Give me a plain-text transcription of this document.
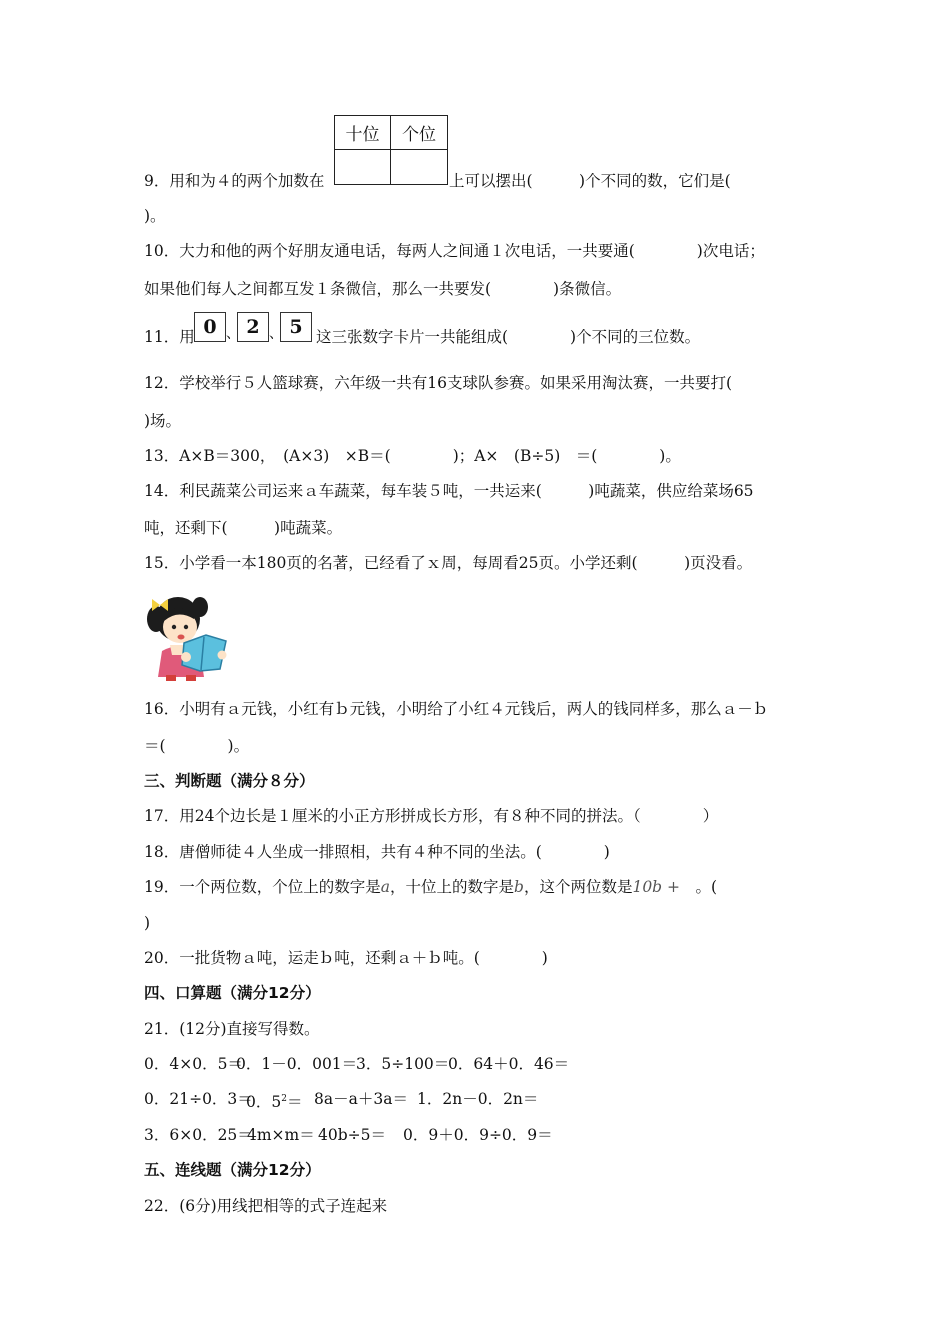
十位	个位
9．用和为４的两个加数在	上可以摆出(　　　)个不同的数，它们是(
)。
10．大力和他的两个好朋友通电话，每两人之间通１次电话，一共要通(　　　　)次电话；
如果他们每人之间都互发１条微信，那么一共要发(　　　　)条微信。
11．用 0 、 2 、 5 这三张数字卡片一共能组成(　　　　)个不同的三位数。
12．学校举行５人篮球赛，六年级一共有16支球队参赛。如果采用淘汰赛，一共要打(
)场。
13．A×B＝300，　(A×3)　×B＝(　　　　)；A×　(B÷5)　＝(　　　　)。
14．利民蔬菜公司运来ａ车蔬菜，每车装５吨，一共运来(　　　)吨蔬菜，供应给菜场65
吨，还剩下(　　　)吨蔬菜。
15．小学看一本180页的名著，已经看了ｘ周，每周看25页。小学还剩(　　　)页没看。
16．小明有ａ元钱，小红有ｂ元钱，小明给了小红４元钱后，两人的钱同样多，那么ａ－ｂ
＝(　　　　)。
三、判断题（满分８分）
17．用24个边长是１厘米的小正方形拼成长方形，有８种不同的拼法。（　　　　）
18．唐僧师徒４人坐成一排照相，共有４种不同的坐法。(　　　　)
19．一个两位数，个位上的数字是a，十位上的数字是b，这个两位数是10b +　。(
)
20．一批货物ａ吨，运走ｂ吨，还剩ａ＋ｂ吨。(　　　　)
四、口算题（满分12分）
21．(12分)直接写得数。
0．4×0．5＝
0．1－0．001＝
3．5÷100＝
0．64＋0．46＝
0．21÷0．3＝
0．$5^2= 8a-a+3a= 1$．2n－0．2n＝
3．6×0．25＝
4m×m＝ 40b÷5＝ 0．9＋0．9÷0．9＝
五、连线题（满分12分）
22．(6分)用线把相等的式子连起来
